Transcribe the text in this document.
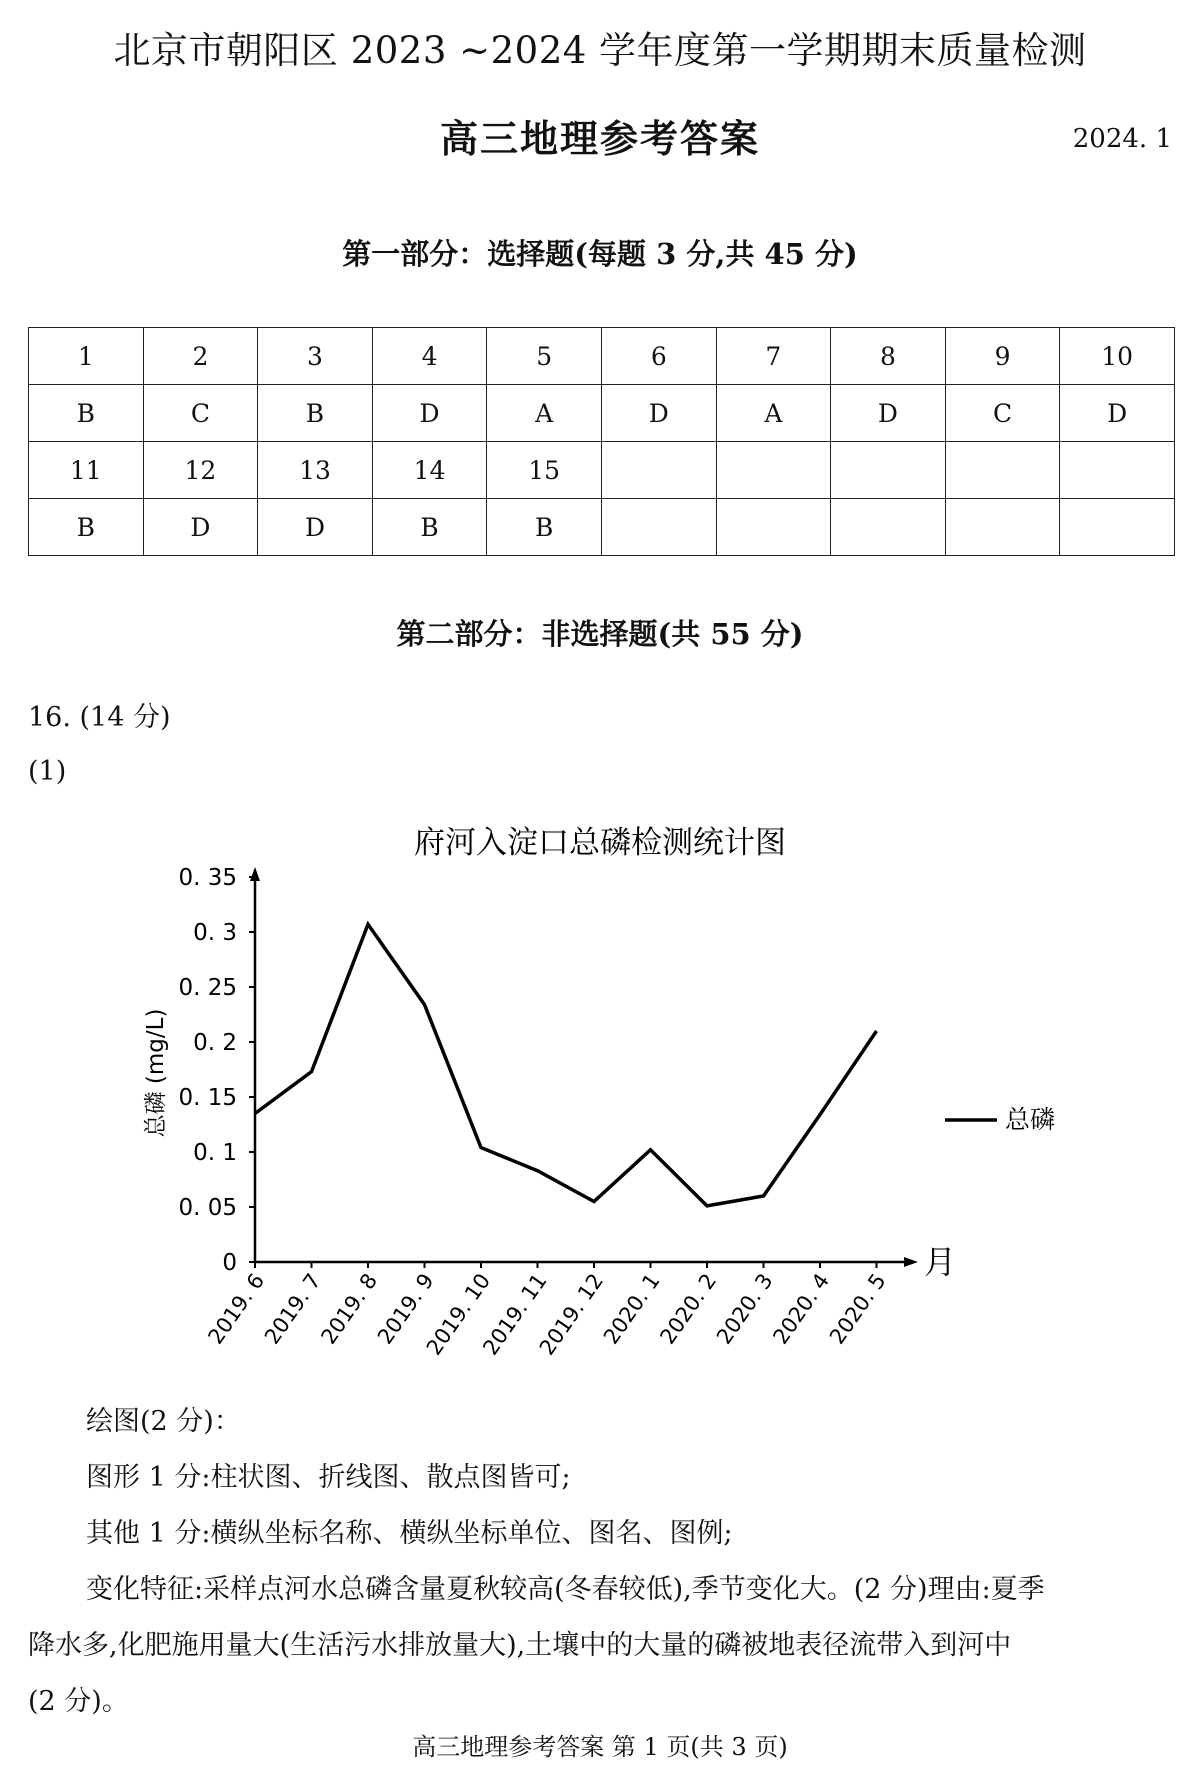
北京市朝阳区 2023 ~2024 学年度第一学期期末质量检测
高三地理参考答案	2024. 1
第一部分：选择题(每题 3 分,共 45 分)
1	2	3	4	5	6	7	8	9	10
B	C	B	D	A	D	A	D	C	D
11	12	13	14	15					
B	D	D	B	B					
第二部分：非选择题(共 55 分)
16. (14 分)
(1)
府河入淀口总磷检测统计图
总磷 (mg/L)
月
0
0. 05
0. 1
0. 15
0. 2
0. 25
0. 3
0. 35
2019. 6
2019. 7
2019. 8
2019. 9
2019. 10
2019. 11
2019. 12
2020. 1
2020. 2
2020. 3
2020. 4
2020. 5
总磷
绘图(2 分)：
图形 1 分:柱状图、折线图、散点图皆可;
其他 1 分:横纵坐标名称、横纵坐标单位、图名、图例;
变化特征:采样点河水总磷含量夏秋较高(冬春较低),季节变化大。(2 分)理由:夏季
降水多,化肥施用量大(生活污水排放量大),土壤中的大量的磷被地表径流带入到河中
(2 分)。
高三地理参考答案 第 1 页(共 3 页)
